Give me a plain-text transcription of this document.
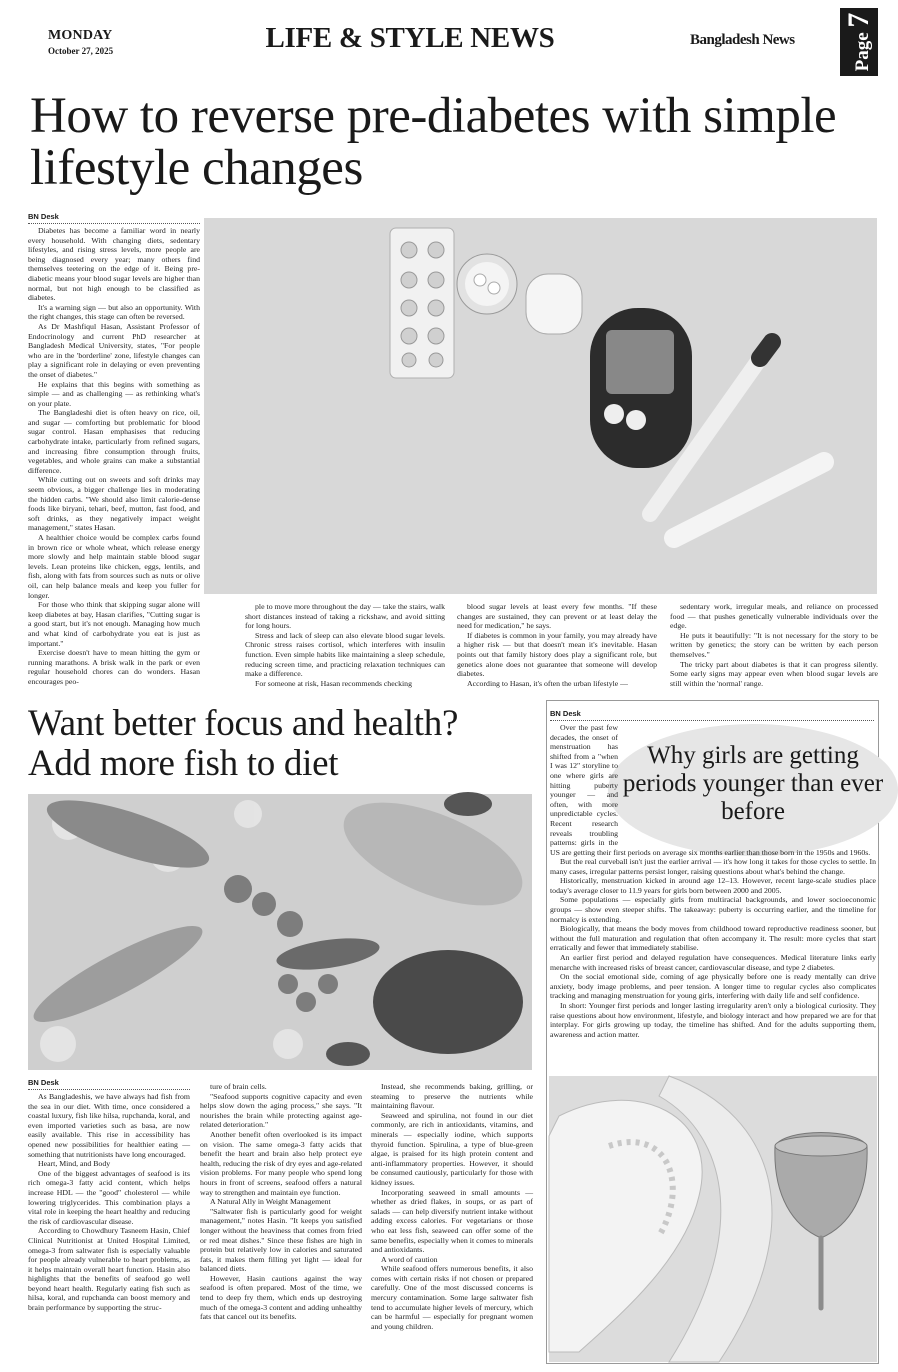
MONDAY
October 27, 2025	LIFE & STYLE NEWS	Bangladesh News	Page 7
How to reverse pre-diabetes with simple lifestyle changes
BN Desk

Diabetes has become a familiar word in nearly every household. With changing diets, sedentary lifestyles, and rising stress levels, more people are being diagnosed every year; many others find themselves teetering on the edge of it. Being pre-diabetic means your blood sugar levels are higher than normal, but not high enough to be classified as diabetes.

It's a warning sign — but also an opportunity. With the right changes, this stage can often be reversed.

As Dr Mashfiqul Hasan, Assistant Professor of Endocrinology and current PhD researcher at Bangladesh Medical University, states, "For people who are in the 'borderline' zone, lifestyle changes can play a significant role in delaying or even preventing the onset of diabetes."

He explains that this begins with something as simple — and as challenging — as rethinking what's on your plate.

The Bangladeshi diet is often heavy on rice, oil, and sugar — comforting but problematic for blood sugar control. Hasan emphasises that reducing carbohydrate intake, particularly from refined sugars, and increasing fibre consumption through fruits, vegetables, and whole grains can make a substantial difference.

While cutting out on sweets and soft drinks may seem obvious, a bigger challenge lies in moderating the hidden carbs. "We should also limit calorie-dense foods like biryani, tehari, beef, mutton, fast food, and soft drinks, as they negatively impact weight management," states Hasan.

A healthier choice would be complex carbs found in brown rice or whole wheat, which release energy more slowly and help maintain stable blood sugar levels. Lean proteins like chicken, eggs, lentils, and fish, along with fats from sources such as nuts or olive oil, can help balance meals and keep you fuller for longer.

For those who think that skipping sugar alone will keep diabetes at bay, Hasan clarifies, "Cutting sugar is a good start, but it's not enough. Managing how much and what kind of carbohydrate you eat is just as important."

Exercise doesn't have to mean hitting the gym or running marathons. A brisk walk in the park or even regular household chores can do wonders. Hasan encourages peo-

ple to move more throughout the day — take the stairs, walk short distances instead of taking a rickshaw, and avoid sitting for long hours.

Stress and lack of sleep can also elevate blood sugar levels. Chronic stress raises cortisol, which interferes with insulin function. Even simple habits like maintaining a sleep schedule, reducing screen time, and practicing relaxation techniques can make a difference.

For someone at risk, Hasan recommends checking

blood sugar levels at least every few months. "If these changes are sustained, they can prevent or at least delay the need for medication," he says.

If diabetes is common in your family, you may already have a higher risk — but that doesn't mean it's inevitable. Hasan points out that family history does play a significant role, but genetics alone does not guarantee that someone will develop diabetes.

According to Hasan, it's often the urban lifestyle —

sedentary work, irregular meals, and reliance on processed food — that pushes genetically vulnerable individuals over the edge.

He puts it beautifully: "It is not necessary for the story to be written by genetics; the story can be written by each person themselves."

The tricky part about diabetes is that it can progress silently. Some early signs may appear even when blood sugar levels are still within the 'normal' range.

Want better focus and health?
Add more fish to diet
BN Desk

As Bangladeshis, we have always had fish from the sea in our diet. With time, once considered a coastal luxury, fish like hilsa, rupchanda, koral, and even imported varieties such as basa, are now easily available. This rise in accessibility has opened new possibilities for healthier eating — something that nutritionists have long encouraged.

Heart, Mind, and Body

One of the biggest advantages of seafood is its rich omega-3 fatty acid content, which helps increase HDL — the "good" cholesterol — while lowering triglycerides. This combination plays a vital role in keeping the heart healthy and reducing the risk of cardiovascular disease.

According to Chowdhury Tasneem Hasin, Chief Clinical Nutritionist at United Hospital Limited, omega-3 from saltwater fish is especially valuable for people already vulnerable to heart problems, as it helps maintain overall heart function. Hasin also highlights that the benefits of seafood go well beyond heart health. Regularly eating fish such as hilsa, koral, and rupchanda can boost memory and brain performance by supporting the struc-

ture of brain cells.

"Seafood supports cognitive capacity and even helps slow down the aging process," she says. "It nourishes the brain while protecting against age-related deterioration."

Another benefit often overlooked is its impact on vision. The same omega-3 fatty acids that benefit the heart and brain also help protect eye health, reducing the risk of dry eyes and age-related vision problems. For many people who spend long hours in front of screens, seafood offers a natural way to strengthen and maintain eye function.

A Natural Ally in Weight Management

"Saltwater fish is particularly good for weight management," notes Hasin. "It keeps you satisfied longer without the heaviness that comes from fried or red meat dishes." Since these fishes are high in protein but relatively low in calories and saturated fats, it makes them filling yet light — ideal for balanced diets.

However, Hasin cautions against the way seafood is often prepared. Most of the time, we tend to deep fry them, which ends up destroying much of the omega-3 content and adding unhealthy fats that cancel out its benefits.

Instead, she recommends baking, grilling, or steaming to preserve the nutrients while maintaining flavour.

Seaweed and spirulina, not found in our diet commonly, are rich in antioxidants, vitamins, and minerals — especially iodine, which supports thyroid function. Spirulina, a type of blue-green algae, is praised for its high protein content and anti-inflammatory properties. However, it should be consumed cautiously, particularly for those with kidney issues.

Incorporating seaweed in small amounts — whether as dried flakes, in soups, or as part of salads — can help diversify nutrient intake without adding excess calories. For vegetarians or those who eat less fish, seaweed can offer some of the same benefits, especially when it comes to minerals and antioxidants.

A word of caution

While seafood offers numerous benefits, it also comes with certain risks if not chosen or prepared carefully. One of the most discussed concerns is mercury contamination. Some large saltwater fish tend to accumulate higher levels of mercury, which can be harmful — especially for pregnant women and young children.

BN Desk
Why girls are getting periods younger than ever before

Over the past few decades, the onset of menstruation has shifted from a "when I was 12" storyline to one where girls are hitting puberty younger — and often, with more unpredictable cycles. Recent research reveals troubling patterns: girls in the US are getting their first periods on average six months earlier than those born in the 1950s and 1960s.

But the real curveball isn't just the earlier arrival — it's how long it takes for those cycles to settle. In many cases, irregular patterns persist longer, raising questions about what's behind the change.

Historically, menstruation kicked in around age 12–13. However, recent large-scale studies place today's average closer to 11.9 years for girls born between 2000 and 2005.

Some populations — especially girls from multiracial backgrounds, and lower socioeconomic groups — show even steeper shifts. The takeaway: puberty is occurring earlier, and the timeline for normalcy is extending.

Biologically, that means the body moves from childhood toward reproductive readiness sooner, but without the full maturation and regulation that often accompany it. The result: more cycles that start erratically and fewer that immediately stabilise.

An earlier first period and delayed regulation have consequences. Medical literature links early menarche with increased risks of breast cancer, cardiovascular disease, and type 2 diabetes.

On the social emotional side, coming of age physically before one is ready mentally can drive anxiety, body image problems, and peer tension. A longer time to regular cycles also complicates tracking and managing menstruation for young girls, interfering with daily life and self confidence.

In short: Younger first periods and longer lasting irregularity aren't only a biological curiosity. They raise questions about how environment, lifestyle, and biology interact and how prepared we are for that interplay. For girls growing up today, the timeline has shifted. And for the adults supporting them, awareness and action matter.
